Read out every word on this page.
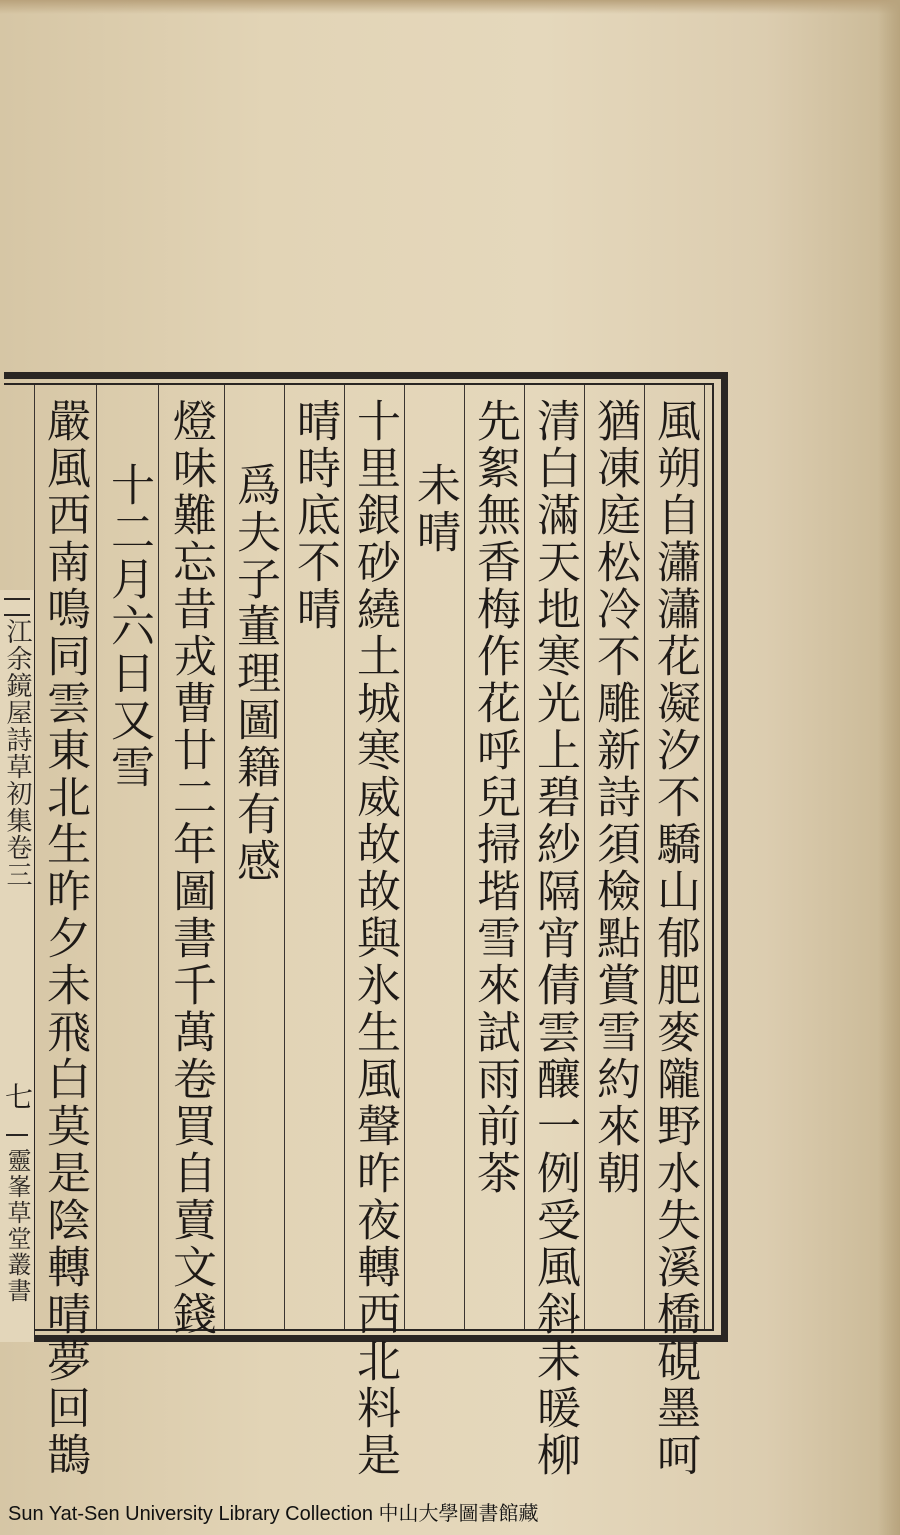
風朔自瀟瀟花凝汐不驕山郁肥麥隴野水失溪橋硯墨呵
猶凍庭松冷不雕新詩須檢點賞雪約來朝
清白滿天地寒光上碧紗隔宵倩雲釀一例受風斜未暖柳
先絮無香梅作花呼兒掃堦雪來試雨前茶
未晴
十里銀砂繞土城寒威故故與氷生風聲昨夜轉西北料是
晴時底不晴
爲夫子董理圖籍有感
燈味難忘昔戎曹廿二年圖書千萬卷買自賣文錢
十二月六日又雪
嚴風西南鳴同雲東北生昨夕未飛白莫是陰轉晴夢回鵲
江余鏡屋詩草初集卷三
七
靈峯草堂叢書
Sun Yat-Sen University Library Collection 中山大學圖書館藏
